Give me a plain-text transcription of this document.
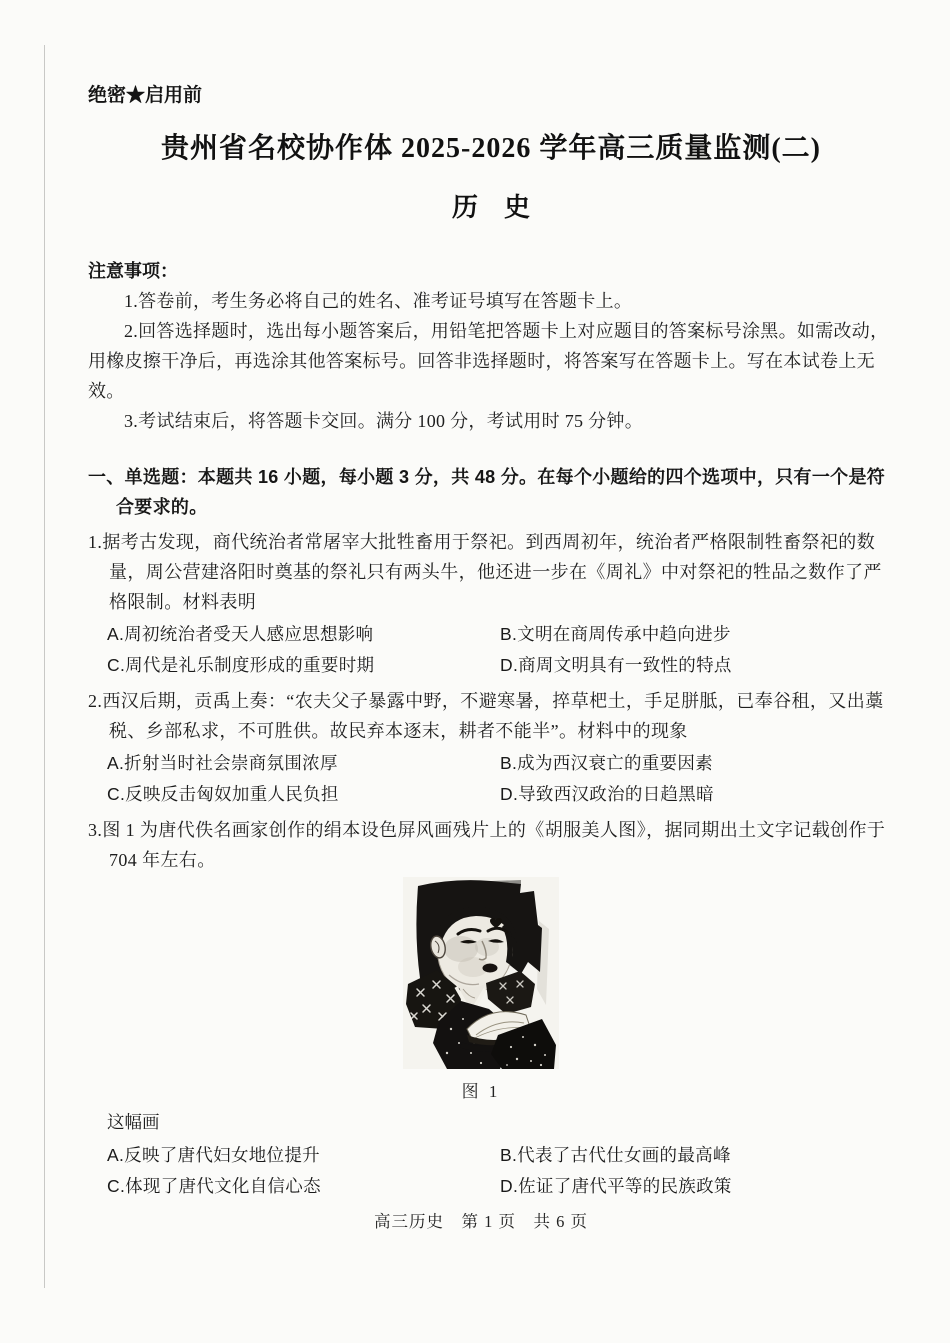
绝密★启用前

贵州省名校协作体 2025-2026 学年高三质量监测(二)
历　史

注意事项：

1.答卷前，考生务必将自己的姓名、准考证号填写在答题卡上。

2.回答选择题时，选出每小题答案后，用铅笔把答题卡上对应题目的答案标号涂黑。如需改动，用橡皮擦干净后，再选涂其他答案标号。回答非选择题时，将答案写在答题卡上。写在本试卷上无效。

3.考试结束后，将答题卡交回。满分 100 分，考试用时 75 分钟。

一、单选题：本题共 16 小题，每小题 3 分，共 48 分。在每个小题给的四个选项中，只有一个是符合要求的。

1.据考古发现，商代统治者常屠宰大批牲畜用于祭祀。到西周初年，统治者严格限制牲畜祭祀的数量，周公营建洛阳时奠基的祭礼只有两头牛，他还进一步在《周礼》中对祭祀的牲品之数作了严格限制。材料表明

A.周初统治者受天人感应思想影响	B.文明在商周传承中趋向进步
C.周代是礼乐制度形成的重要时期	D.商周文明具有一致性的特点

2.西汉后期，贡禹上奏：“农夫父子暴露中野，不避寒暑，捽草杷土，手足胼胝，已奉谷租，又出藁税、乡部私求，不可胜供。故民弃本逐末，耕者不能半”。材料中的现象

A.折射当时社会崇商氛围浓厚	B.成为西汉衰亡的重要因素
C.反映反击匈奴加重人民负担	D.导致西汉政治的日趋黑暗

3.图 1 为唐代佚名画家创作的绢本设色屏风画残片上的《胡服美人图》，据同期出土文字记载创作于 704 年左右。

图 1

这幅画

A.反映了唐代妇女地位提升	B.代表了古代仕女画的最高峰
C.体现了唐代文化自信心态	D.佐证了唐代平等的民族政策

高三历史　第 1 页　共 6 页
